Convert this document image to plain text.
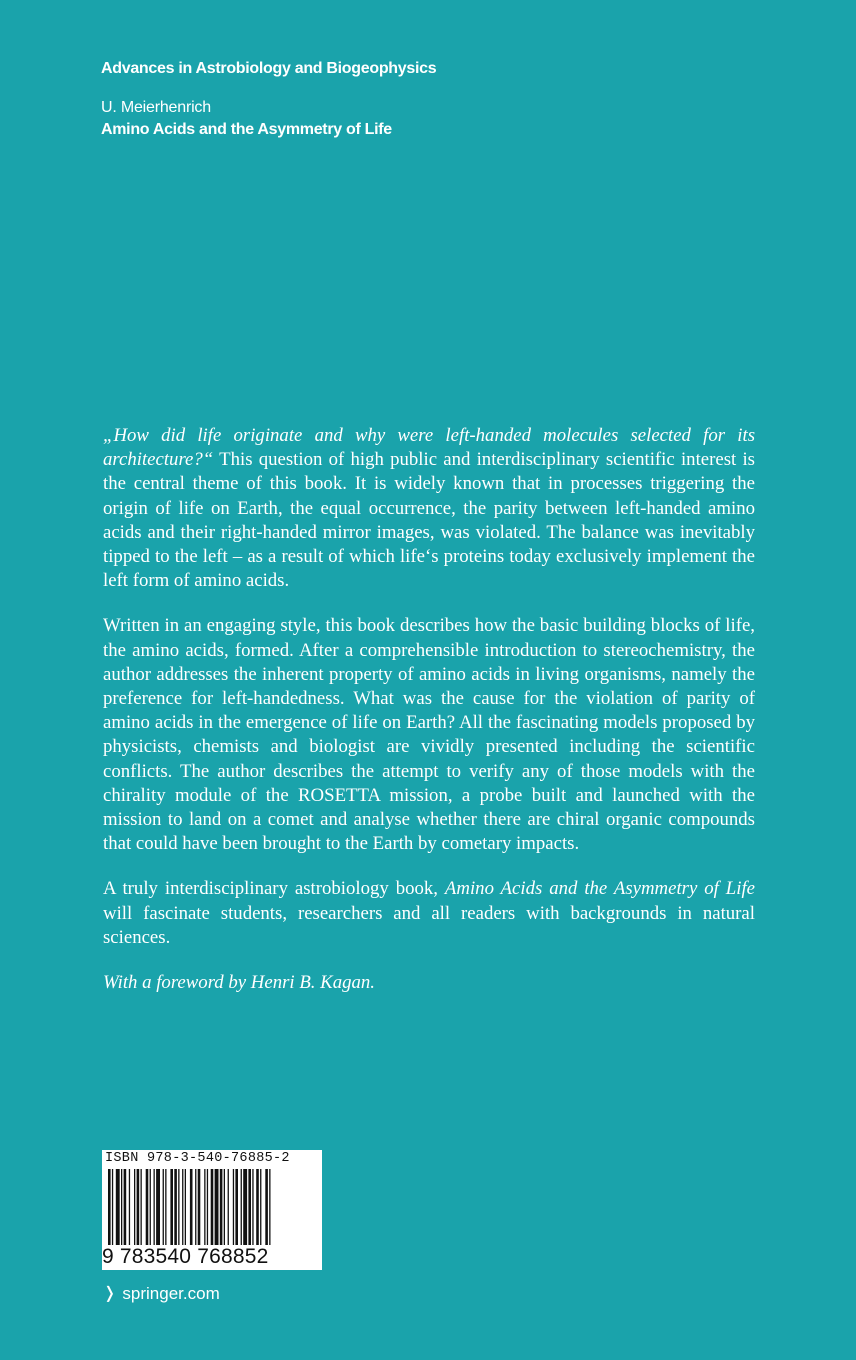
Advances in Astrobiology and Biogeophysics
U. Meierhenrich
Amino Acids and the Asymmetry of Life

„How did life originate and why were left-handed molecules selected for its architecture?“ This question of high public and interdisciplinary scientific interest is the central theme of this book. It is widely known that in processes triggering the origin of life on Earth, the equal occurrence, the parity between left-handed amino acids and their right-handed mirror images, was violated. The balance was inevitably tipped to the left – as a result of which life‘s proteins today exclusively implement the left form of amino acids.

Written in an engaging style, this book describes how the basic building blocks of life, the amino acids, formed. After a comprehensible introduction to stereochemistry, the author addresses the inherent property of amino acids in living organisms, namely the preference for left-handedness. What was the cause for the violation of parity of amino acids in the emergence of life on Earth? All the fascinating models proposed by physicists, chemists and biologist are vividly presented including the scientific conflicts. The author describes the attempt to verify any of those models with the chirality module of the ROSETTA mission, a probe built and launched with the mission to land on a comet and analyse whether there are chiral organic compounds that could have been brought to the Earth by cometary impacts.

A truly interdisciplinary astrobiology book, Amino Acids and the Asymmetry of Life will fascinate students, researchers and all readers with backgrounds in natural sciences.

With a foreword by Henri B. Kagan.

ISBN 978-3-540-76885-2
9 783540 768852
❭ springer.com
